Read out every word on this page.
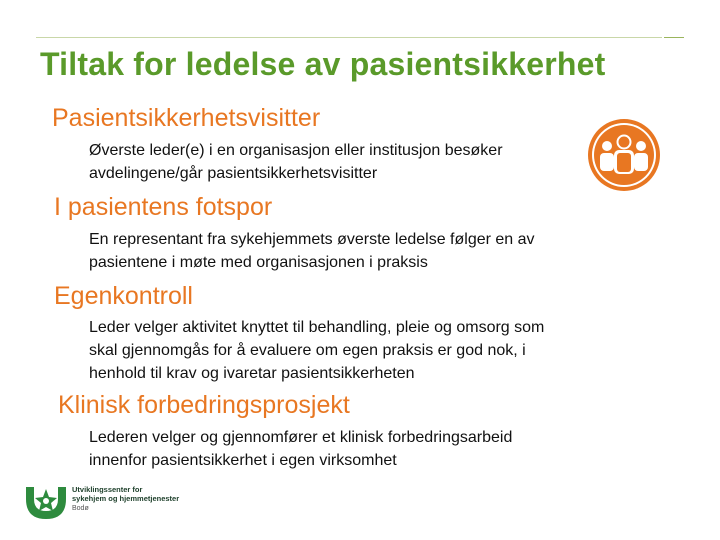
Tiltak for ledelse av pasientsikkerhet
Pasientsikkerhetsvisitter
Øverste leder(e) i en organisasjon eller institusjon besøker
avdelingene/går pasientsikkerhetsvisitter
I pasientens fotspor
En representant fra sykehjemmets øverste ledelse følger en av
pasientene i møte med organisasjonen i praksis
Egenkontroll
Leder velger aktivitet knyttet til behandling, pleie og omsorg som
skal gjennomgås for å evaluere om egen praksis er god nok, i
henhold til krav og ivaretar pasientsikkerheten
Klinisk forbedringsprosjekt
Lederen velger og gjennomfører et klinisk forbedringsarbeid
innenfor pasientsikkerhet i egen virksomhet
Utviklingssenter for
sykehjem og hjemmetjenester
Bodø
